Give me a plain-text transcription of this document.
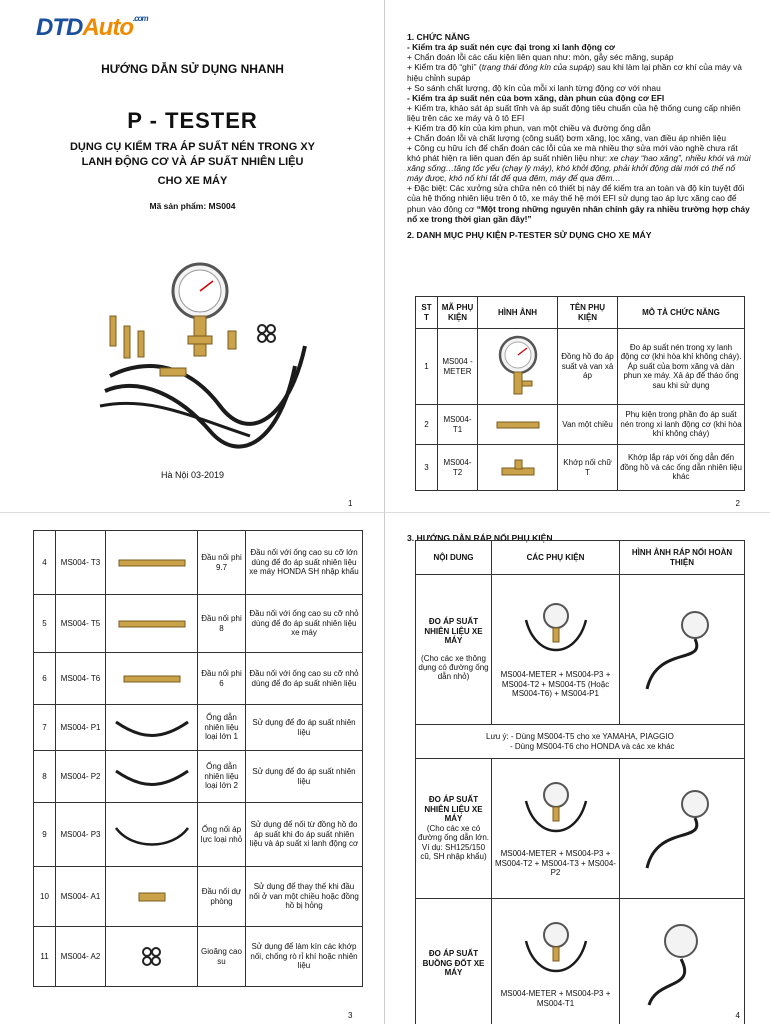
DTDAuto$^{.com}$
HƯỚNG DẪN SỬ DỤNG NHANH
P - TESTER
DỤNG CỤ KIỂM TRA ÁP SUẤT NÉN TRONG XY
LANH ĐỘNG CƠ VÀ ÁP SUẤT NHIÊN LIỆU
CHO XE MÁY
Mã sản phẩm: MS004
Hà Nội 03-2019
1

1. CHỨC NĂNG

- Kiểm tra áp suất nén cực đại trong xi lanh động cơ

+ Chẩn đoán lỗi các cấu kiện liên quan như: mòn, gẫy séc măng, supáp

+ Kiểm tra độ “ghì” (trạng thái đóng kín của supáp) sau khi làm lại phần cơ khí của máy và hiệu chỉnh supáp

+ So sánh chất lượng, độ kín của mỗi xi lanh từng động cơ với nhau

- Kiểm tra áp suất nén của bơm xăng, dàn phun của động cơ EFI

+ Kiểm tra, khảo sát áp suất tĩnh và áp suất động tiêu chuẩn của hệ thống cung cấp nhiên liệu trên các xe máy và ô tô EFI

+ Kiểm tra độ kín của kim phun, van một chiều và đường ống dẫn

+ Chẩn đoán lỗi và chất lượng (công suất) bơm xăng, lọc xăng, van điều áp nhiên liệu

+ Công cụ hữu ích để chẩn đoán các lỗi của xe mà nhiều thợ sửa mới vào nghề chưa rất khó phát hiện ra liên quan đến áp suất nhiên liệu như: xe chạy “hao xăng”, nhiều khói và mùi xăng sống…tăng tốc yếu (chạy lỳ máy), khó khởi động, phải khởi động dài mới có thể nổ máy được, khó nổ khi tắt để qua đêm, máy để qua đêm…

+ Đặc biệt: Các xưởng sửa chữa nên có thiết bị này để kiểm tra an toàn và độ kín tuyệt đối của hệ thống nhiên liệu trên ô tô, xe máy thế hệ mới EFI sử dụng tạo áp lực xăng cao để phun vào động cơ “Một trong những nguyên nhân chính gây ra nhiều trường hợp cháy nổ xe trong thời gian gần đây!”

2. DANH MỤC PHỤ KIỆN P-TESTER SỬ DỤNG CHO XE MÁY

2
ST T	MÃ PHỤ KIỆN	HÌNH ẢNH	TÊN PHỤ KIỆN	MÔ TẢ CHỨC NĂNG
1	MS004 -METER		Đồng hồ đo áp suất và van xả áp	Đo áp suất nén trong xy lanh động cơ (khi hòa khí không cháy). Áp suất của bơm xăng và dàn phun xe máy. Xả áp để tháo ống sau khi sử dụng
2	MS004- T1		Van một chiều	Phụ kiện trong phần đo áp suất nén trong xi lanh động cơ (khi hòa khí không cháy)
3	MS004- T2		Khớp nối chữ T	Khớp lắp ráp với ống dẫn đến đồng hồ và các ống dẫn nhiên liệu khác
3
4	MS004- T3		Đầu nối phi 9.7	Đầu nối với ống cao su cỡ lớn dùng để đo áp suất nhiên liệu xe máy HONDA SH nhập khẩu
5	MS004- T5		Đầu nối phi 8	Đầu nối với ống cao su cỡ nhỏ dùng để đo áp suất nhiên liệu xe máy
6	MS004- T6		Đầu nối phi 6	Đầu nối với ống cao su cỡ nhỏ dùng để đo áp suất nhiên liệu
7	MS004- P1		Ống dẫn nhiên liệu loại lớn 1	Sử dụng để đo áp suất nhiên liệu
8	MS004- P2		Ống dẫn nhiên liệu loại lớn 2	Sử dụng để đo áp suất nhiên liệu
9	MS004- P3		Ống nối áp lực loại nhỏ	Sử dụng để nối từ đồng hồ đo áp suất khi đo áp suất nhiên liệu và áp suất xi lanh động cơ
10	MS004- A1		Đầu nối dự phòng	Sử dụng để thay thế khi đầu nối ở van một chiều hoặc đồng hồ bị hỏng
11	MS004- A2		Gioăng cao su	Sử dụng để làm kín các khớp nối, chống rò rỉ khí hoặc nhiên liệu
3. HƯỚNG DẪN RÁP NỐI PHỤ KIỆN
4
NỘI DUNG	CÁC PHỤ KIỆN	HÌNH ẢNH RÁP NỐI HOÀN THIỆN

ĐO ÁP SUẤT NHIÊN LIỆU XE MÁY
(Cho các xe thông dụng có đường ống dẫn nhỏ)	MS004-METER + MS004-P3 + MS004-T2 + MS004-T5 (Hoặc MS004-T6) + MS004-P1

Lưu ý: - Dùng MS004-T5 cho xe YAMAHA, PIAGGIO
- Dùng MS004-T6 cho HONDA và các xe khác		

ĐO ÁP SUẤT NHIÊN LIỆU XE MÁY
(Cho các xe có đường ống dẫn lớn. Ví dụ: SH125/150 cũ, SH nhập khẩu)	MS004-METER + MS004-P3 + MS004-T2 + MS004-T3 + MS004-P2

ĐO ÁP SUẤT BUỒNG ĐỐT XE MÁY	MS004-METER + MS004-P3 + MS004-T1
